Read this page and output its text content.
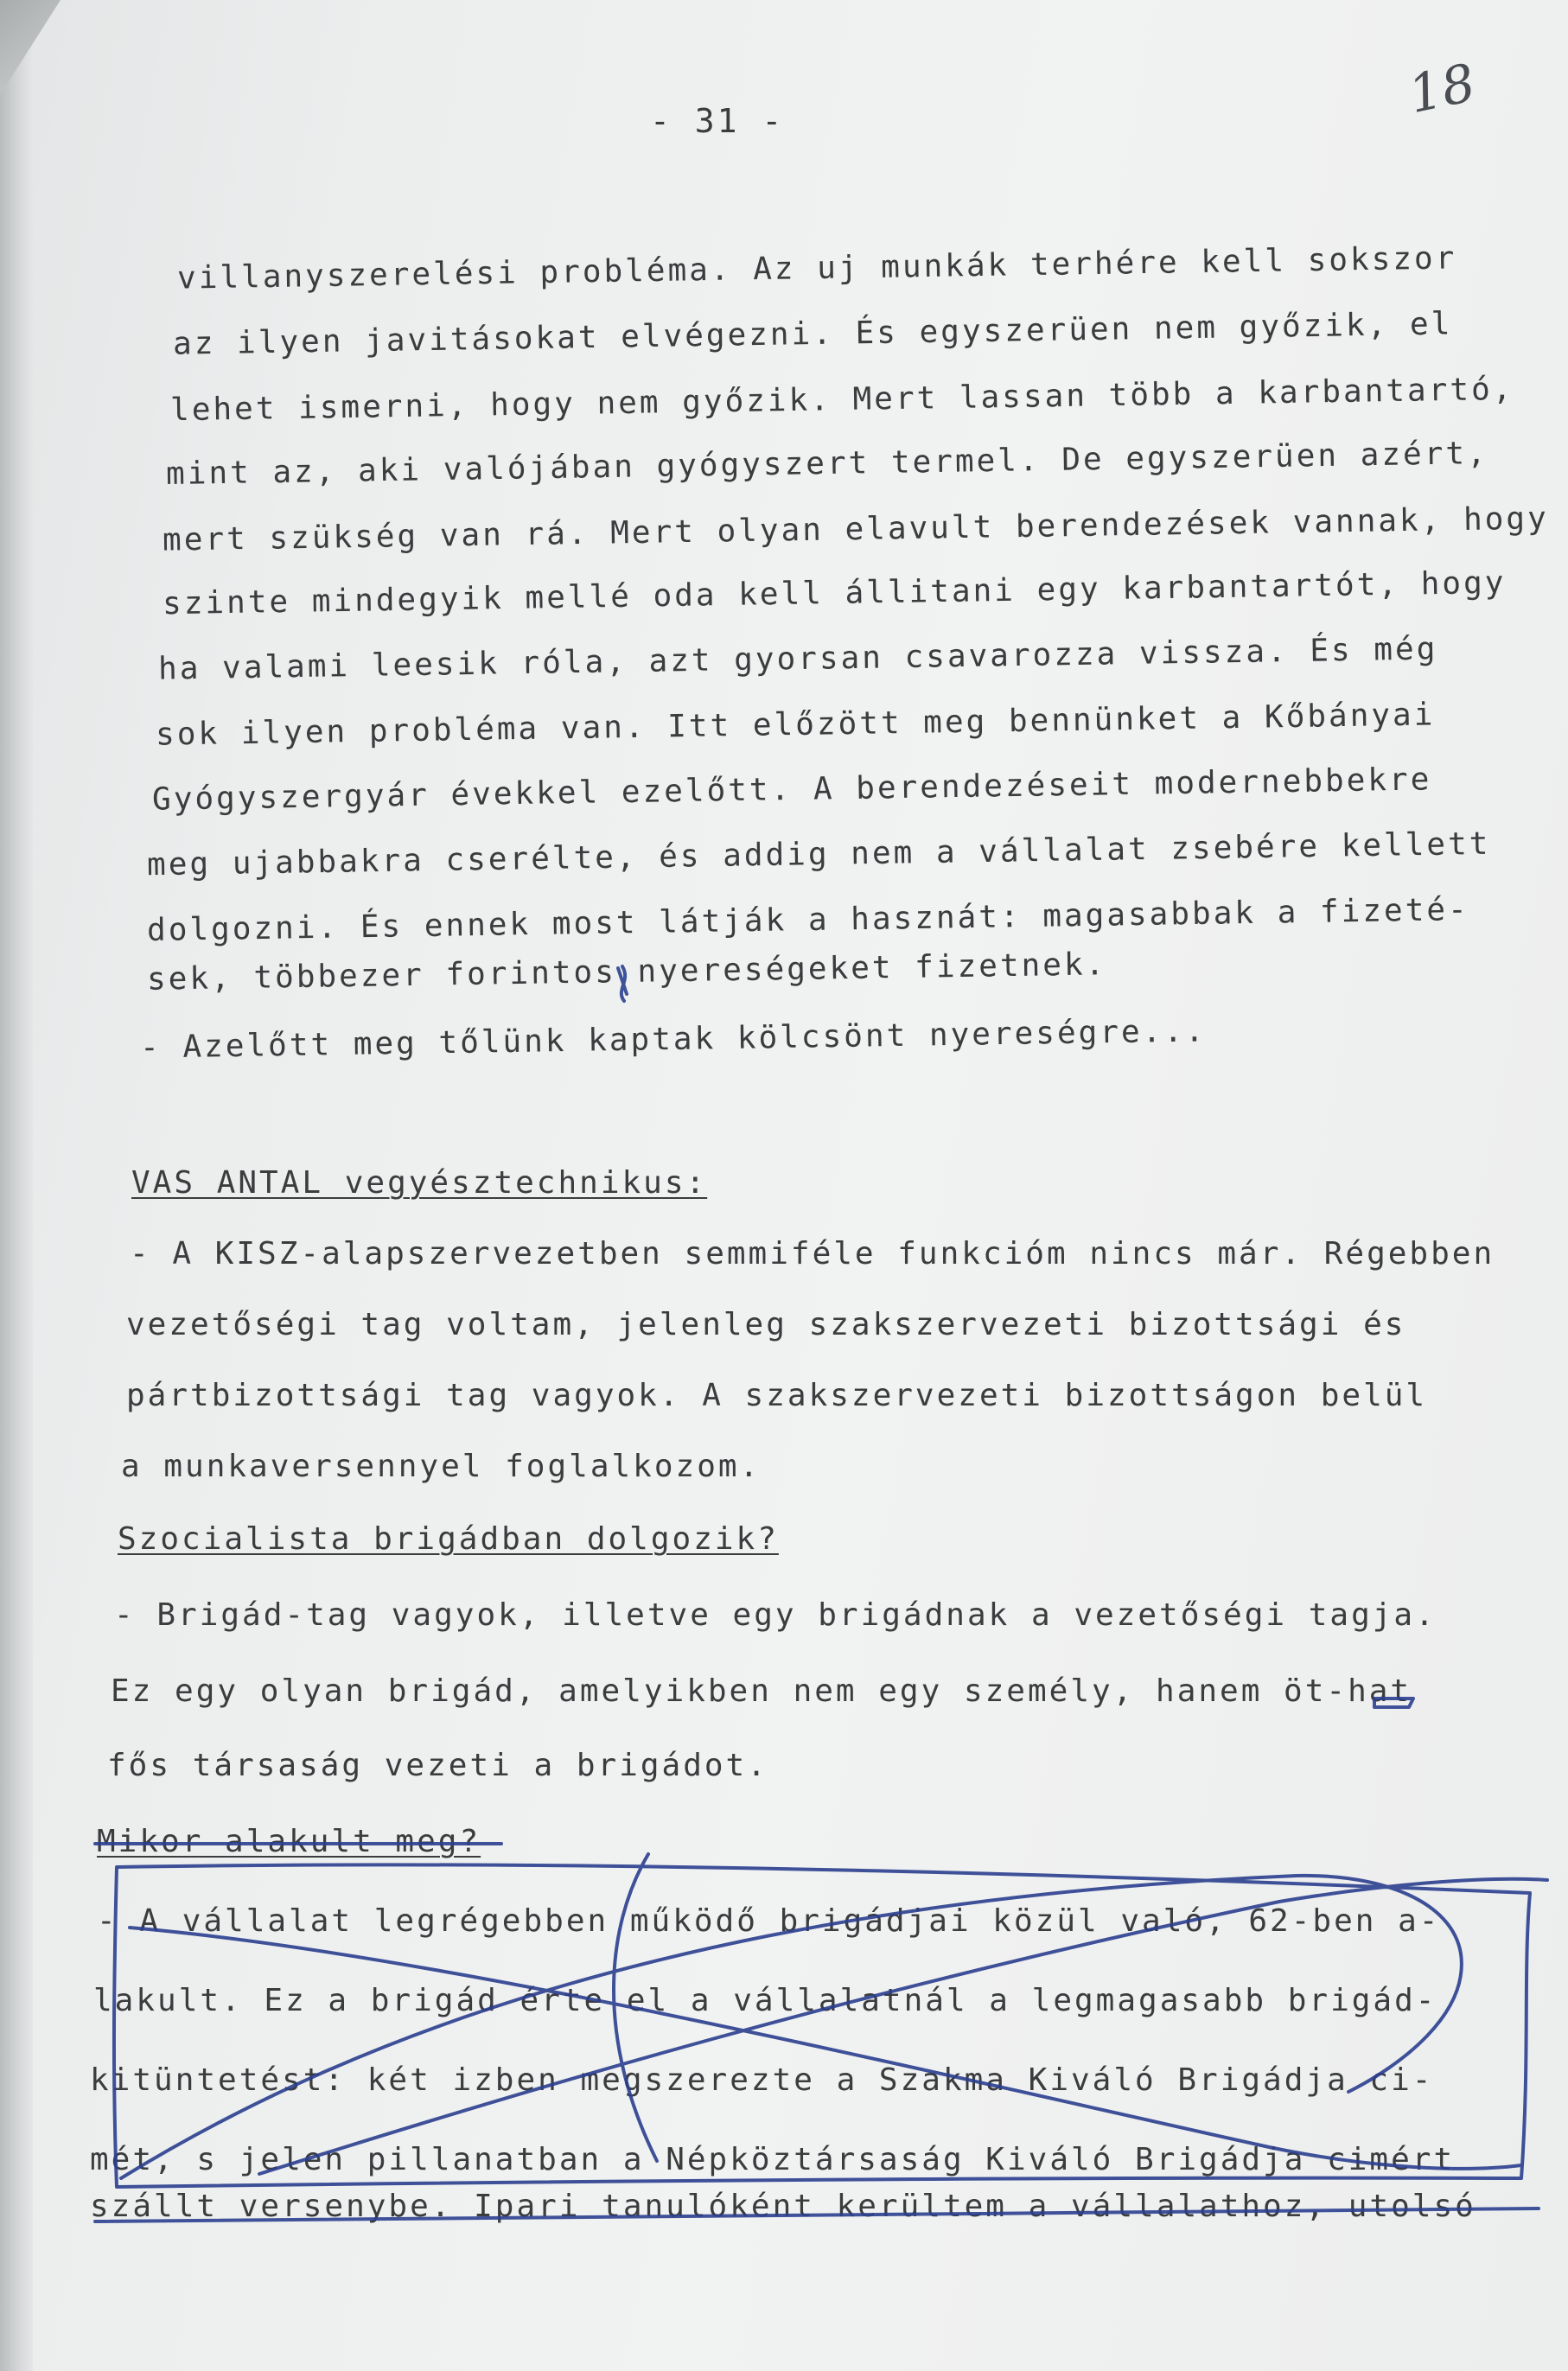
- 31 -	18
villanyszerelési probléma. Az uj munkák terhére kell sokszor
az ilyen javitásokat elvégezni. És egyszerüen nem győzik, el
lehet ismerni, hogy nem győzik. Mert lassan több a karbantartó,
mint az, aki valójában gyógyszert termel. De egyszerüen azért,
mert szükség van rá. Mert olyan elavult berendezések vannak, hogy
szinte mindegyik mellé oda kell állitani egy karbantartót, hogy
ha valami leesik róla, azt gyorsan csavarozza vissza. És még
sok ilyen probléma van. Itt előzött meg bennünket a Kőbányai
Gyógyszergyár évekkel ezelőtt. A berendezéseit modernebbekre
meg ujabbakra cserélte, és addig nem a vállalat zsebére kellett
dolgozni. És ennek most látják a hasznát: magasabbak a fizeté-
sek, többezer forintos nyereségeket fizetnek.
- Azelőtt meg tőlünk kaptak kölcsönt nyereségre...
VAS ANTAL vegyésztechnikus:
- A KISZ-alapszervezetben semmiféle funkcióm nincs már. Régebben
vezetőségi tag voltam, jelenleg szakszervezeti bizottsági és
pártbizottsági tag vagyok. A szakszervezeti bizottságon belül
a munkaversennyel foglalkozom.
Szocialista brigádban dolgozik?
- Brigád-tag vagyok, illetve egy brigádnak a vezetőségi tagja.
Ez egy olyan brigád, amelyikben nem egy személy, hanem öt-hat
fős társaság vezeti a brigádot.
Mikor alakult meg?
- A vállalat legrégebben működő brigádjai közül való, 62-ben a-
lakult. Ez a brigád érte el a vállalatnál a legmagasabb brigád-
kitüntetést: két izben megszerezte a Szakma Kiváló Brigádja ci-
mét, s jelen pillanatban a Népköztársaság Kiváló Brigádja cimért
szállt versenybe. Ipari tanulóként kerültem a vállalathoz, utolsó
